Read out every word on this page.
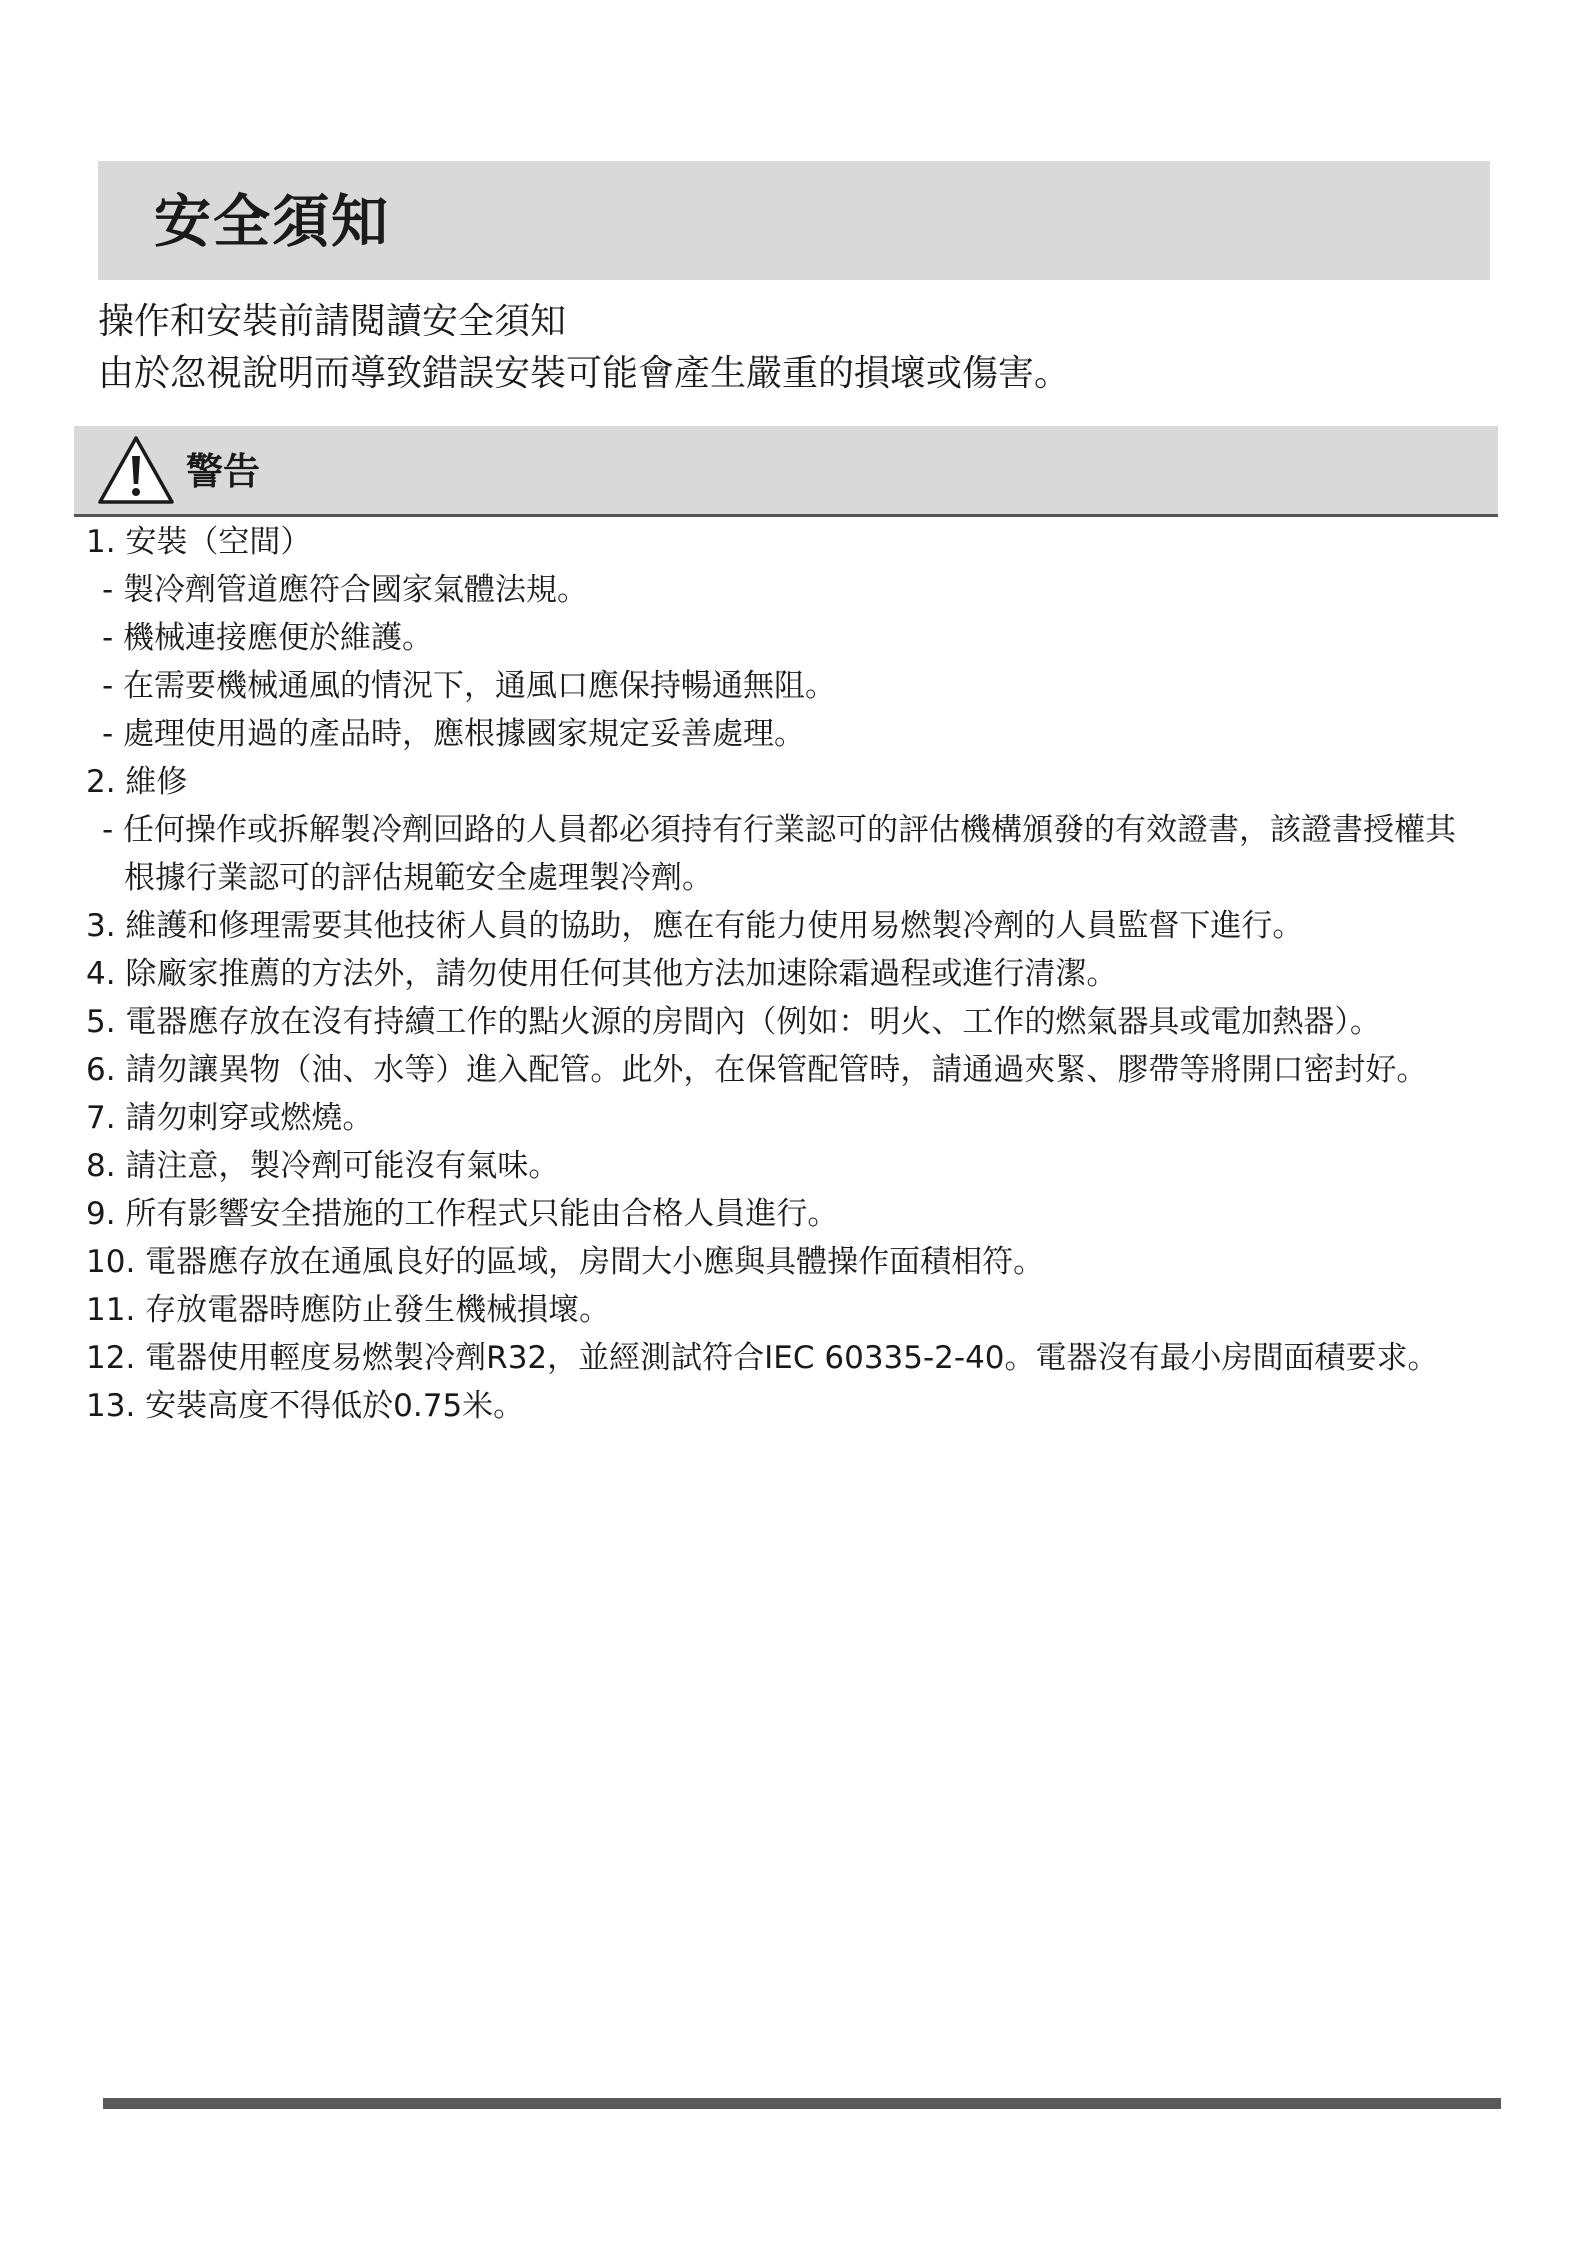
安全須知

操作和安裝前請閱讀安全須知

由於忽視說明而導致錯誤安裝可能會產生嚴重的損壞或傷害。

警告

1. 安裝（空間）

- 製冷劑管道應符合國家氣體法規。

- 機械連接應便於維護。

- 在需要機械通風的情況下，通風口應保持暢通無阻。

- 處理使用過的產品時，應根據國家規定妥善處理。

2. 維修

- 任何操作或拆解製冷劑回路的人員都必須持有行業認可的評估機構頒發的有效證書，該證書授權其根據行業認可的評估規範安全處理製冷劑。

3. 維護和修理需要其他技術人員的協助，應在有能力使用易燃製冷劑的人員監督下進行。

4. 除廠家推薦的方法外，請勿使用任何其他方法加速除霜過程或進行清潔。

5. 電器應存放在沒有持續工作的點火源的房間內（例如：明火、工作的燃氣器具或電加熱器）。

6. 請勿讓異物（油、水等）進入配管。此外，在保管配管時，請通過夾緊、膠帶等將開口密封好。

7. 請勿刺穿或燃燒。

8. 請注意，製冷劑可能沒有氣味。

9. 所有影響安全措施的工作程式只能由合格人員進行。

10. 電器應存放在通風良好的區域，房間大小應與具體操作面積相符。

11. 存放電器時應防止發生機械損壞。

12. 電器使用輕度易燃製冷劑R32，並經測試符合IEC 60335-2-40。電器沒有最小房間面積要求。

13. 安裝高度不得低於0.75米。
